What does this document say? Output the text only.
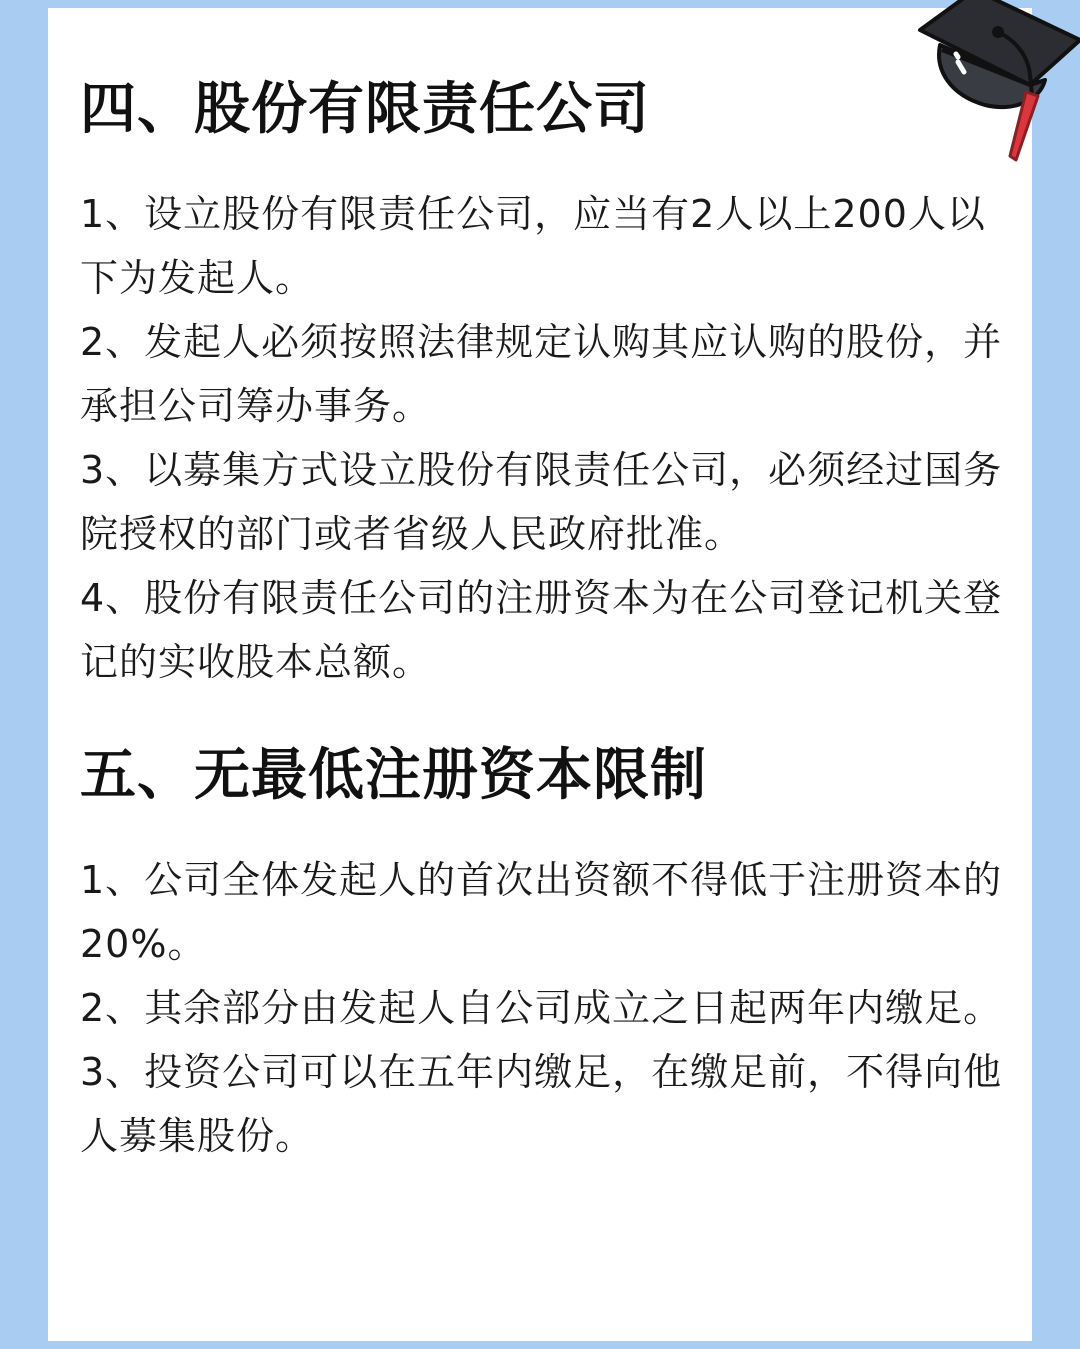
四、股份有限责任公司
1、设立股份有限责任公司，应当有2人以上200人以下为发起人。
2、发起人必须按照法律规定认购其应认购的股份，并承担公司筹办事务。
3、以募集方式设立股份有限责任公司，必须经过国务院授权的部门或者省级人民政府批准。
4、股份有限责任公司的注册资本为在公司登记机关登记的实收股本总额。
五、无最低注册资本限制
1、公司全体发起人的首次出资额不得低于注册资本的20%。
2、其余部分由发起人自公司成立之日起两年内缴足。
3、投资公司可以在五年内缴足，在缴足前，不得向他人募集股份。
